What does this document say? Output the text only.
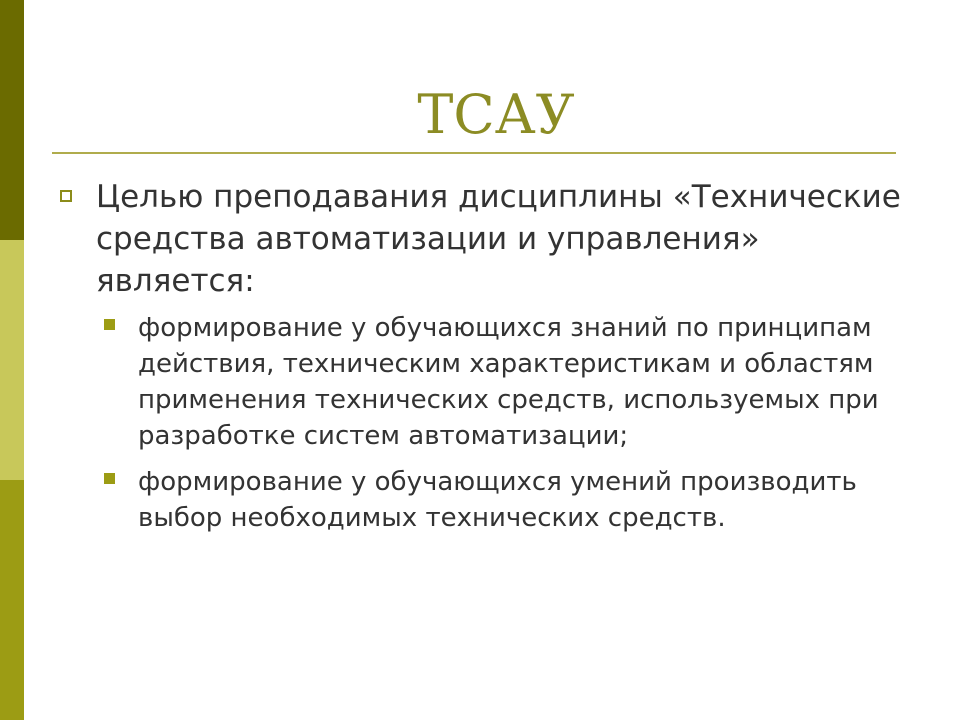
ТСАУ
Целью преподавания дисциплины «Технические средства автоматизации и управления» является:
формирование у обучающихся знаний по принципам действия, техническим характеристикам и областям применения технических средств, используемых при разработке систем автоматизации;
формирование у обучающихся умений производить выбор необходимых технических средств.
